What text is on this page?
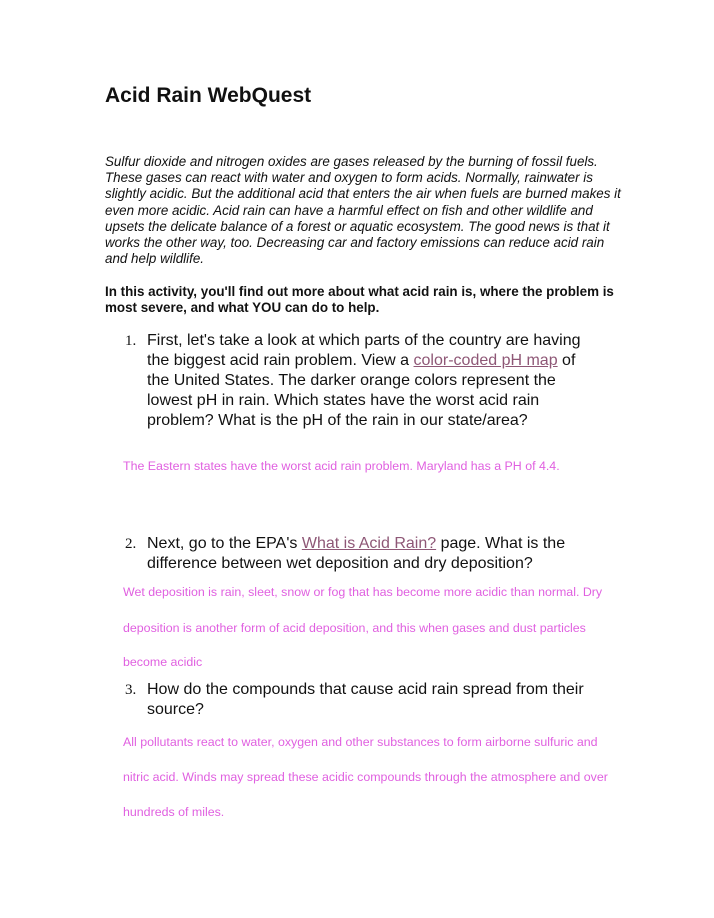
Acid Rain WebQuest

Sulfur dioxide and nitrogen oxides are gases released by the burning of fossil fuels. These gases can react with water and oxygen to form acids. Normally, rainwater is slightly acidic. But the additional acid that enters the air when fuels are burned makes it even more acidic. Acid rain can have a harmful effect on fish and other wildlife and upsets the delicate balance of a forest or aquatic ecosystem. The good news is that it works the other way, too. Decreasing car and factory emissions can reduce acid rain and help wildlife.

In this activity, you'll find out more about what acid rain is, where the problem is most severe, and what YOU can do to help.

1. First, let's take a look at which parts of the country are having the biggest acid rain problem. View a color-coded pH map of the United States. The darker orange colors represent the lowest pH in rain. Which states have the worst acid rain problem? What is the pH of the rain in our state/area?

The Eastern states have the worst acid rain problem. Maryland has a PH of 4.4.

2. Next, go to the EPA's What is Acid Rain? page. What is the difference between wet deposition and dry deposition?

Wet deposition is rain, sleet, snow or fog that has become more acidic than normal. Dry

deposition is another form of acid deposition, and this when gases and dust particles

become acidic

3. How do the compounds that cause acid rain spread from their source?

All pollutants react to water, oxygen and other substances to form airborne sulfuric and

nitric acid. Winds may spread these acidic compounds through the atmosphere and over

hundreds of miles.
